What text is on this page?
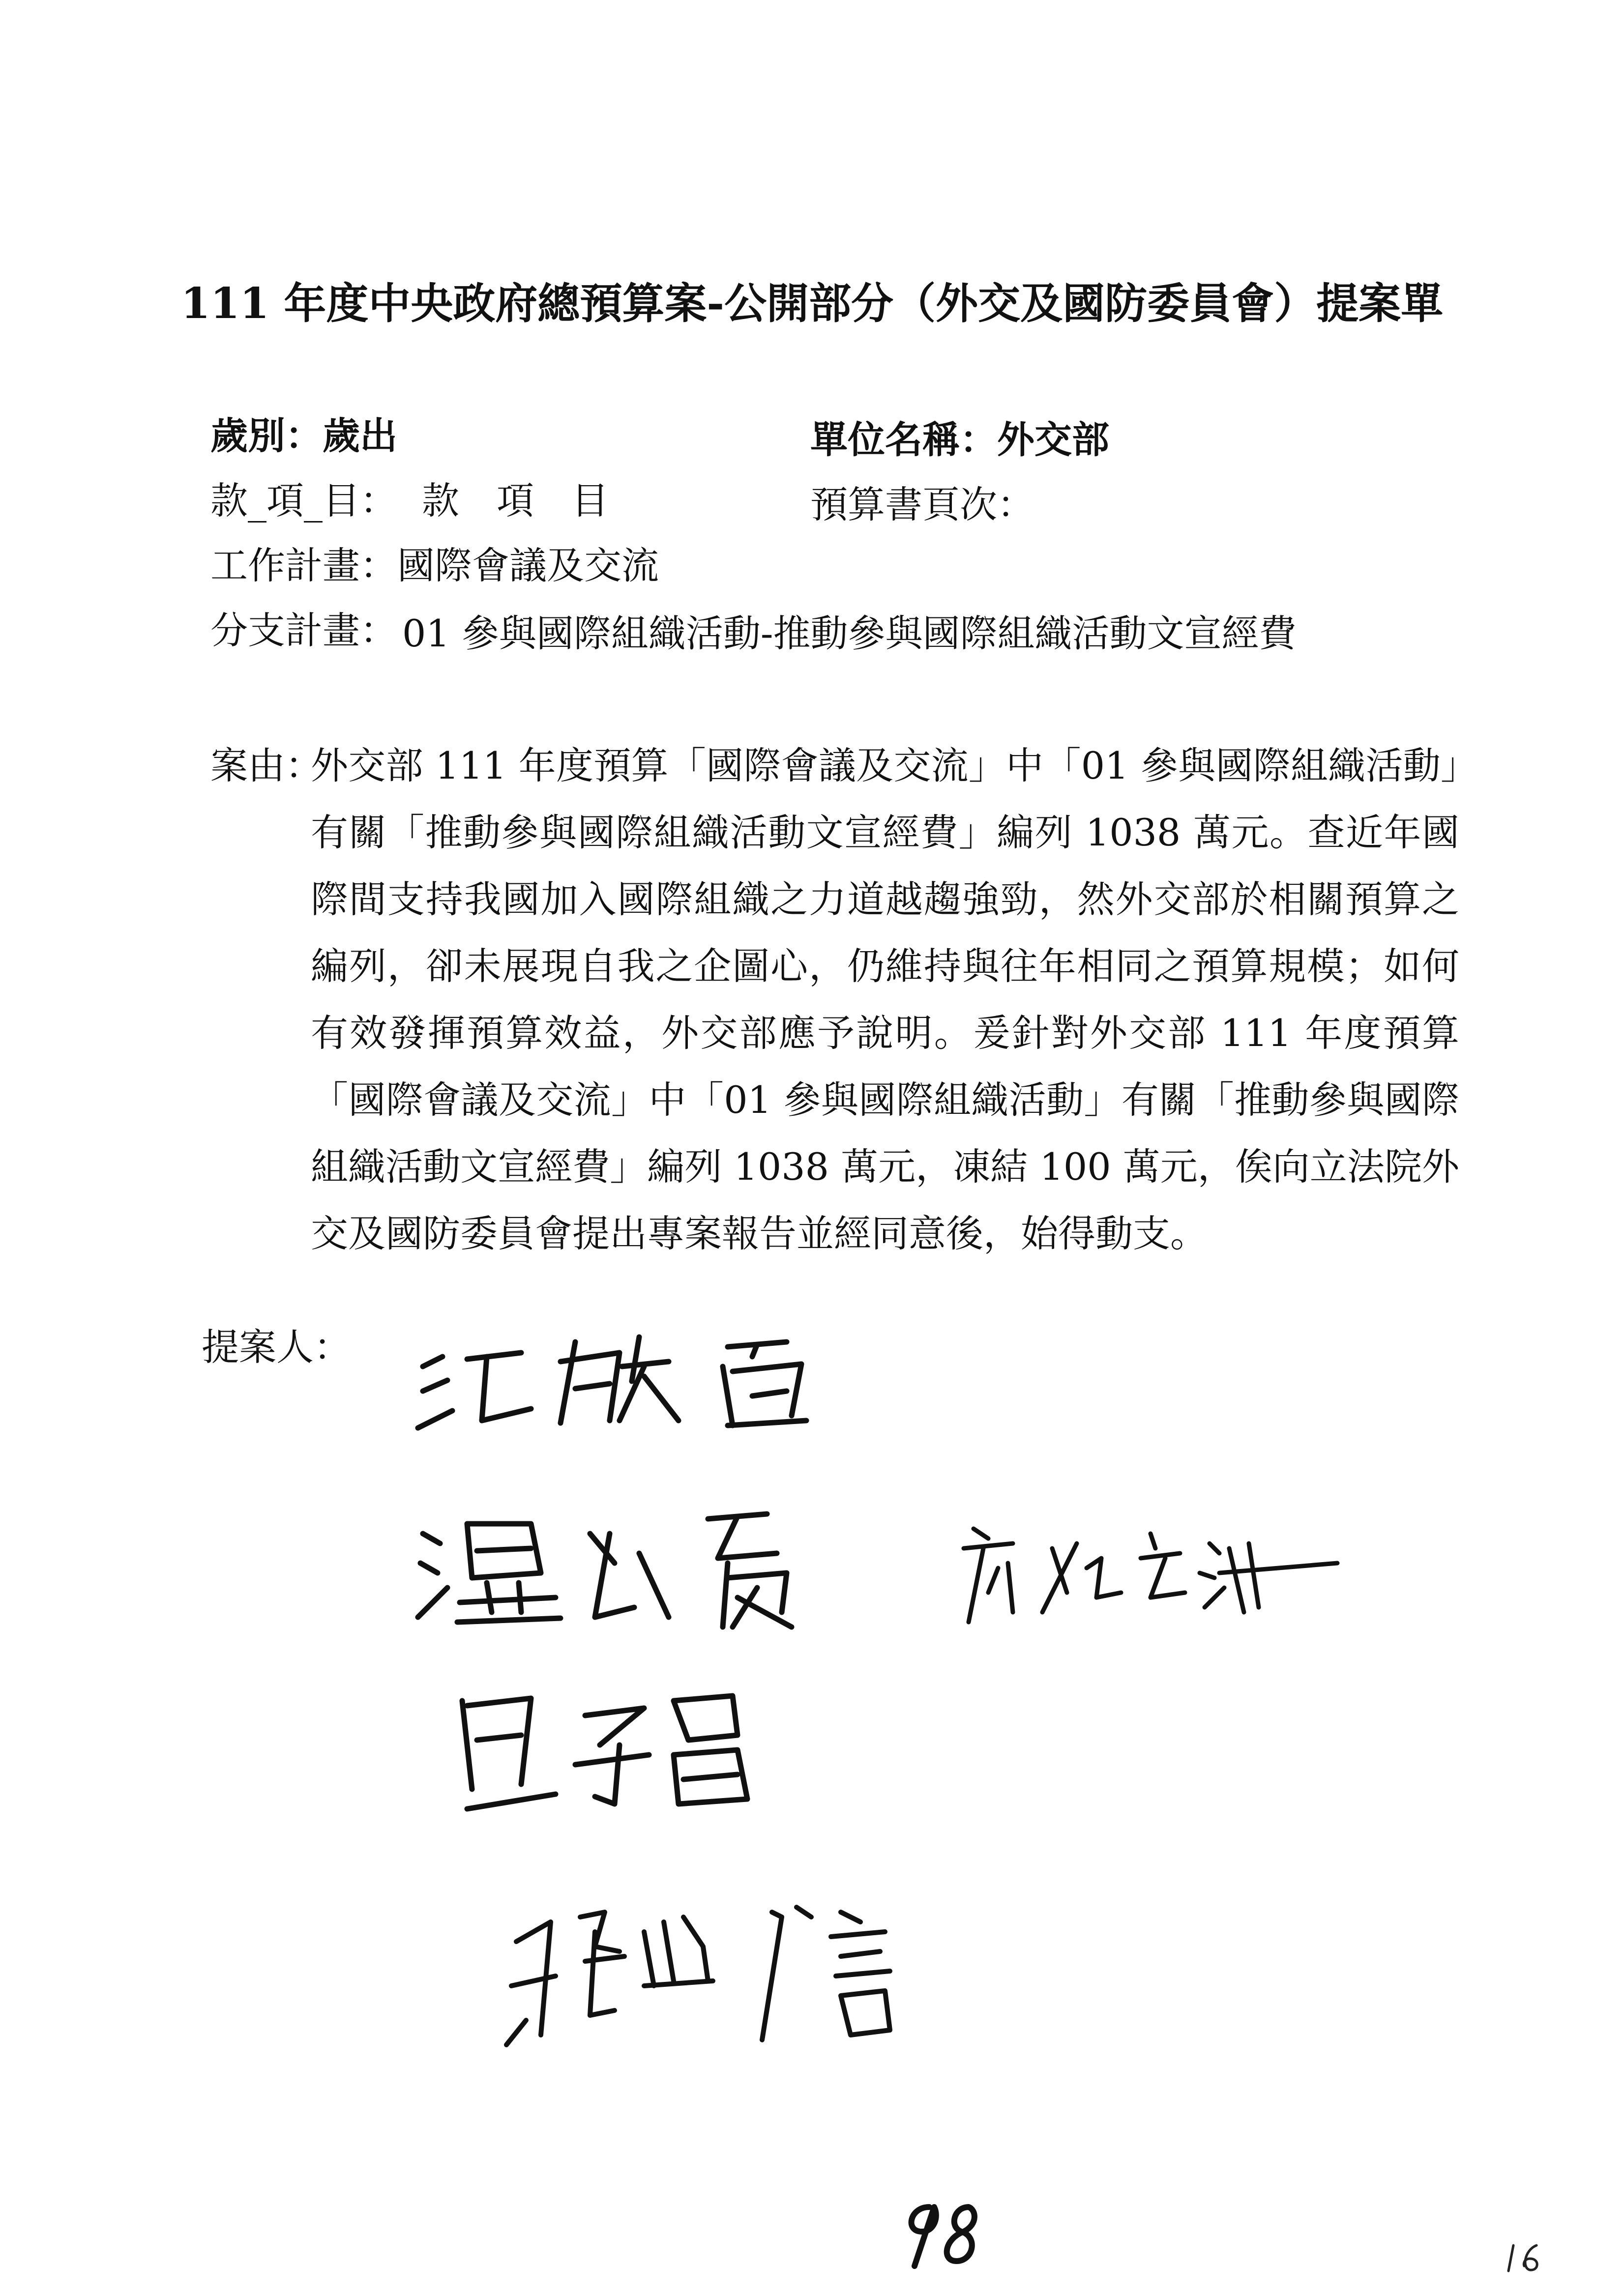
111 年度中央政府總預算案-公開部分（外交及國防委員會）提案單
歲別：歲出	單位名稱：外交部
款_項_目： 款　項　目	預算書頁次：
工作計畫：國際會議及交流
分支計畫： 01 參與國際組織活動-推動參與國際組織活動文宣經費
案由：
外交部 111 年度預算「國際會議及交流」中「01 參與國際組織活動」有關「推動參與國際組織活動文宣經費」編列 1038 萬元。查近年國際間支持我國加入國際組織之力道越趨強勁，然外交部於相關預算之編列，卻未展現自我之企圖心，仍維持與往年相同之預算規模；如何有效發揮預算效益，外交部應予說明。爰針對外交部 111 年度預算「國際會議及交流」中「01 參與國際組織活動」有關「推動參與國際組織活動文宣經費」編列 1038 萬元，凍結 100 萬元，俟向立法院外交及國防委員會提出專案報告並經同意後，始得動支。
提案人：
